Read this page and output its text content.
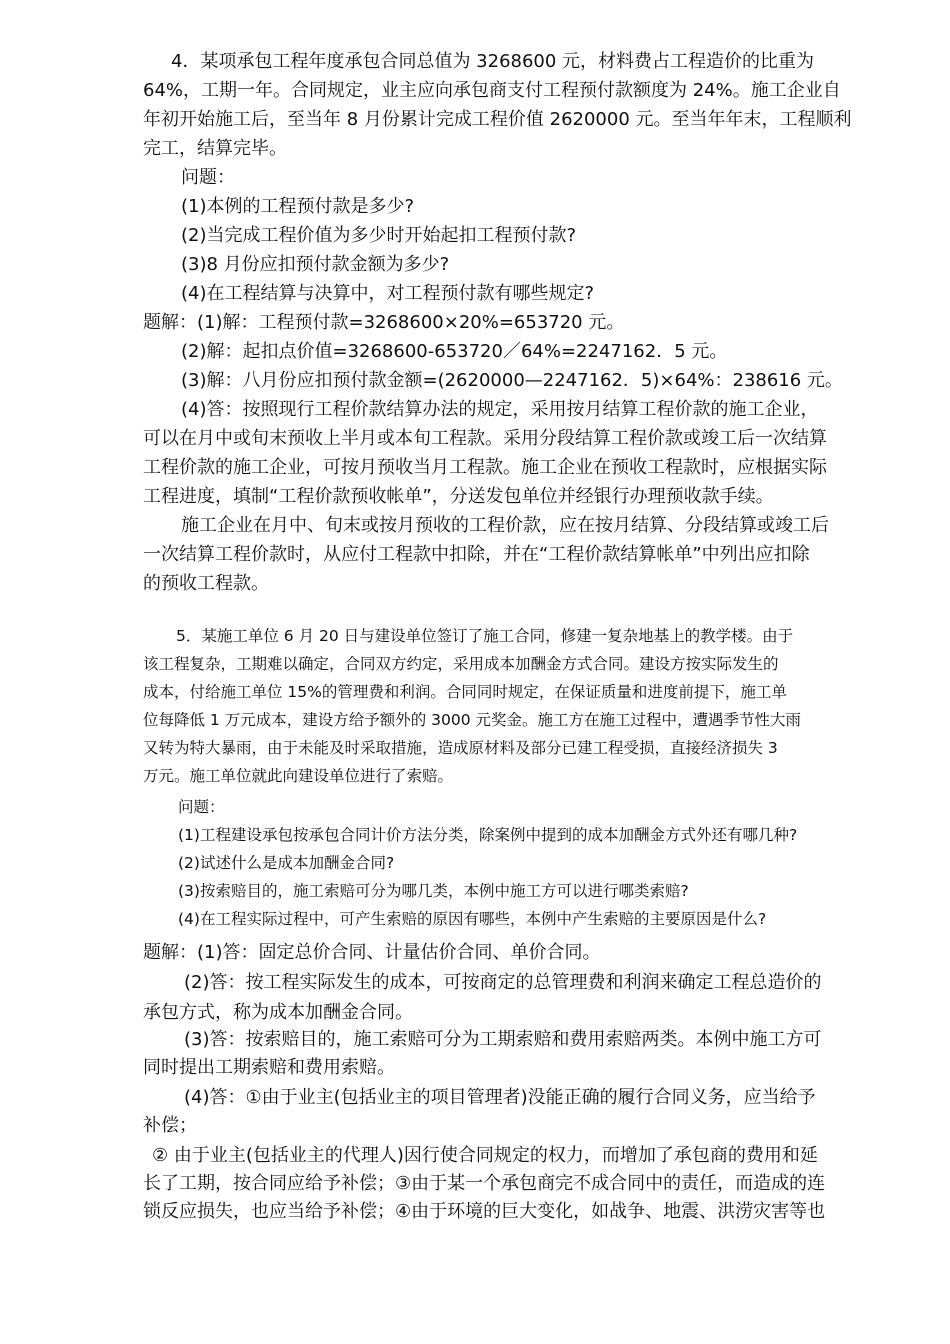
4．某项承包工程年度承包合同总值为 3268600 元，材料费占工程造价的比重为
64%，工期一年。合同规定，业主应向承包商支付工程预付款额度为 24%。施工企业自
年初开始施工后，至当年 8 月份累计完成工程价值 2620000 元。至当年年末，工程顺利
完工，结算完毕。
问题：
(1)本例的工程预付款是多少?
(2)当完成工程价值为多少时开始起扣工程预付款?
(3)8 月份应扣预付款金额为多少?
(4)在工程结算与决算中，对工程预付款有哪些规定?
题解：(1)解：工程预付款=3268600×20%=653720 元。
(2)解：起扣点价值=3268600-653720／64%=2247162．5 元。
(3)解：八月份应扣预付款金额=(2620000—2247162．5)×64%：238616 元。
(4)答：按照现行工程价款结算办法的规定，采用按月结算工程价款的施工企业，
可以在月中或旬末预收上半月或本旬工程款。采用分段结算工程价款或竣工后一次结算
工程价款的施工企业，可按月预收当月工程款。施工企业在预收工程款时，应根据实际
工程进度，填制“工程价款预收帐单”，分送发包单位并经银行办理预收款手续。
施工企业在月中、旬末或按月预收的工程价款，应在按月结算、分段结算或竣工后
一次结算工程价款时，从应付工程款中扣除，并在“工程价款结算帐单”中列出应扣除
的预收工程款。
5．某施工单位 6 月 20 日与建设单位签订了施工合同，修建一复杂地基上的教学楼。由于
该工程复杂，工期难以确定，合同双方约定，采用成本加酬金方式合同。建设方按实际发生的
成本，付给施工单位 15%的管理费和利润。合同同时规定，在保证质量和进度前提下，施工单
位每降低 1 万元成本，建设方给予额外的 3000 元奖金。施工方在施工过程中，遭遇季节性大雨
又转为特大暴雨，由于未能及时采取措施，造成原材料及部分已建工程受损，直接经济损失 3
万元。施工单位就此向建设单位进行了索赔。
问题：
(1)工程建设承包按承包合同计价方法分类，除案例中提到的成本加酬金方式外还有哪几种?
(2)试述什么是成本加酬金合同?
(3)按索赔目的，施工索赔可分为哪几类，本例中施工方可以进行哪类索赔?
(4)在工程实际过程中，可产生索赔的原因有哪些，本例中产生索赔的主要原因是什么?
题解：(1)答：固定总价合同、计量估价合同、单价合同。
(2)答：按工程实际发生的成本，可按商定的总管理费和利润来确定工程总造价的
承包方式，称为成本加酬金合同。
(3)答：按索赔目的，施工索赔可分为工期索赔和费用索赔两类。本例中施工方可
同时提出工期索赔和费用索赔。
(4)答：①由于业主(包括业主的项目管理者)没能正确的履行合同义务，应当给予
补偿；
② 由于业主(包括业主的代理人)因行使合同规定的权力，而增加了承包商的费用和延
长了工期，按合同应给予补偿；③由于某一个承包商完不成合同中的责任，而造成的连
锁反应损失，也应当给予补偿；④由于环境的巨大变化，如战争、地震、洪涝灾害等也
